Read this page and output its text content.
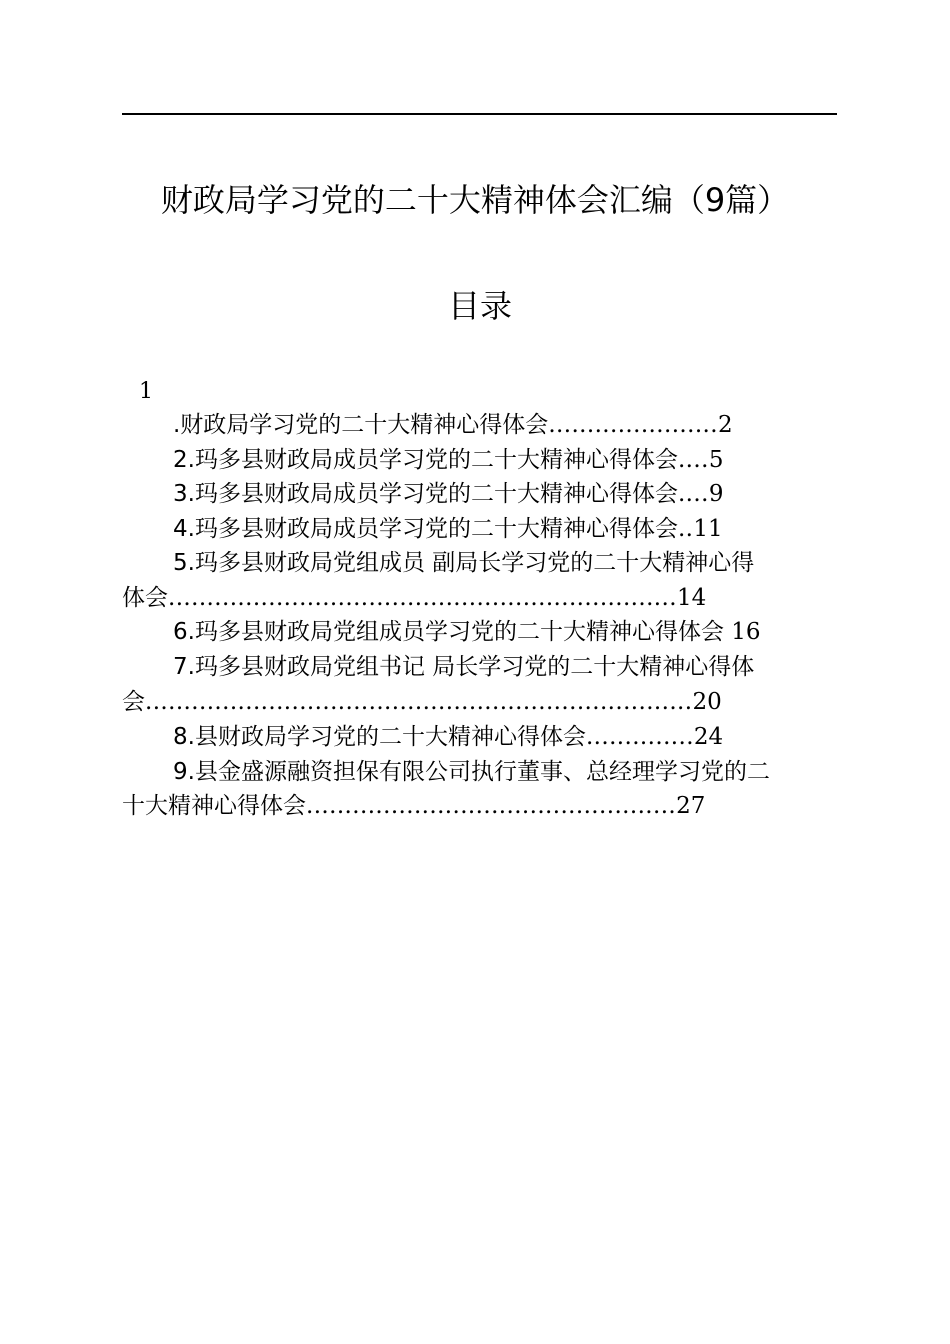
财政局学习党的二十大精神体会汇编（9篇）
目录
1
.财政局学习党的二十大精神心得体会......................2
2.玛多县财政局成员学习党的二十大精神心得体会....5
3.玛多县财政局成员学习党的二十大精神心得体会....9
4.玛多县财政局成员学习党的二十大精神心得体会..11
5.玛多县财政局党组成员 副局长学习党的二十大精神心得
体会..................................................................14
6.玛多县财政局党组成员学习党的二十大精神心得体会 16
7.玛多县财政局党组书记 局长学习党的二十大精神心得体
会.......................................................................20
8.县财政局学习党的二十大精神心得体会..............24
9.县金盛源融资担保有限公司执行董事、总经理学习党的二
十大精神心得体会................................................27
